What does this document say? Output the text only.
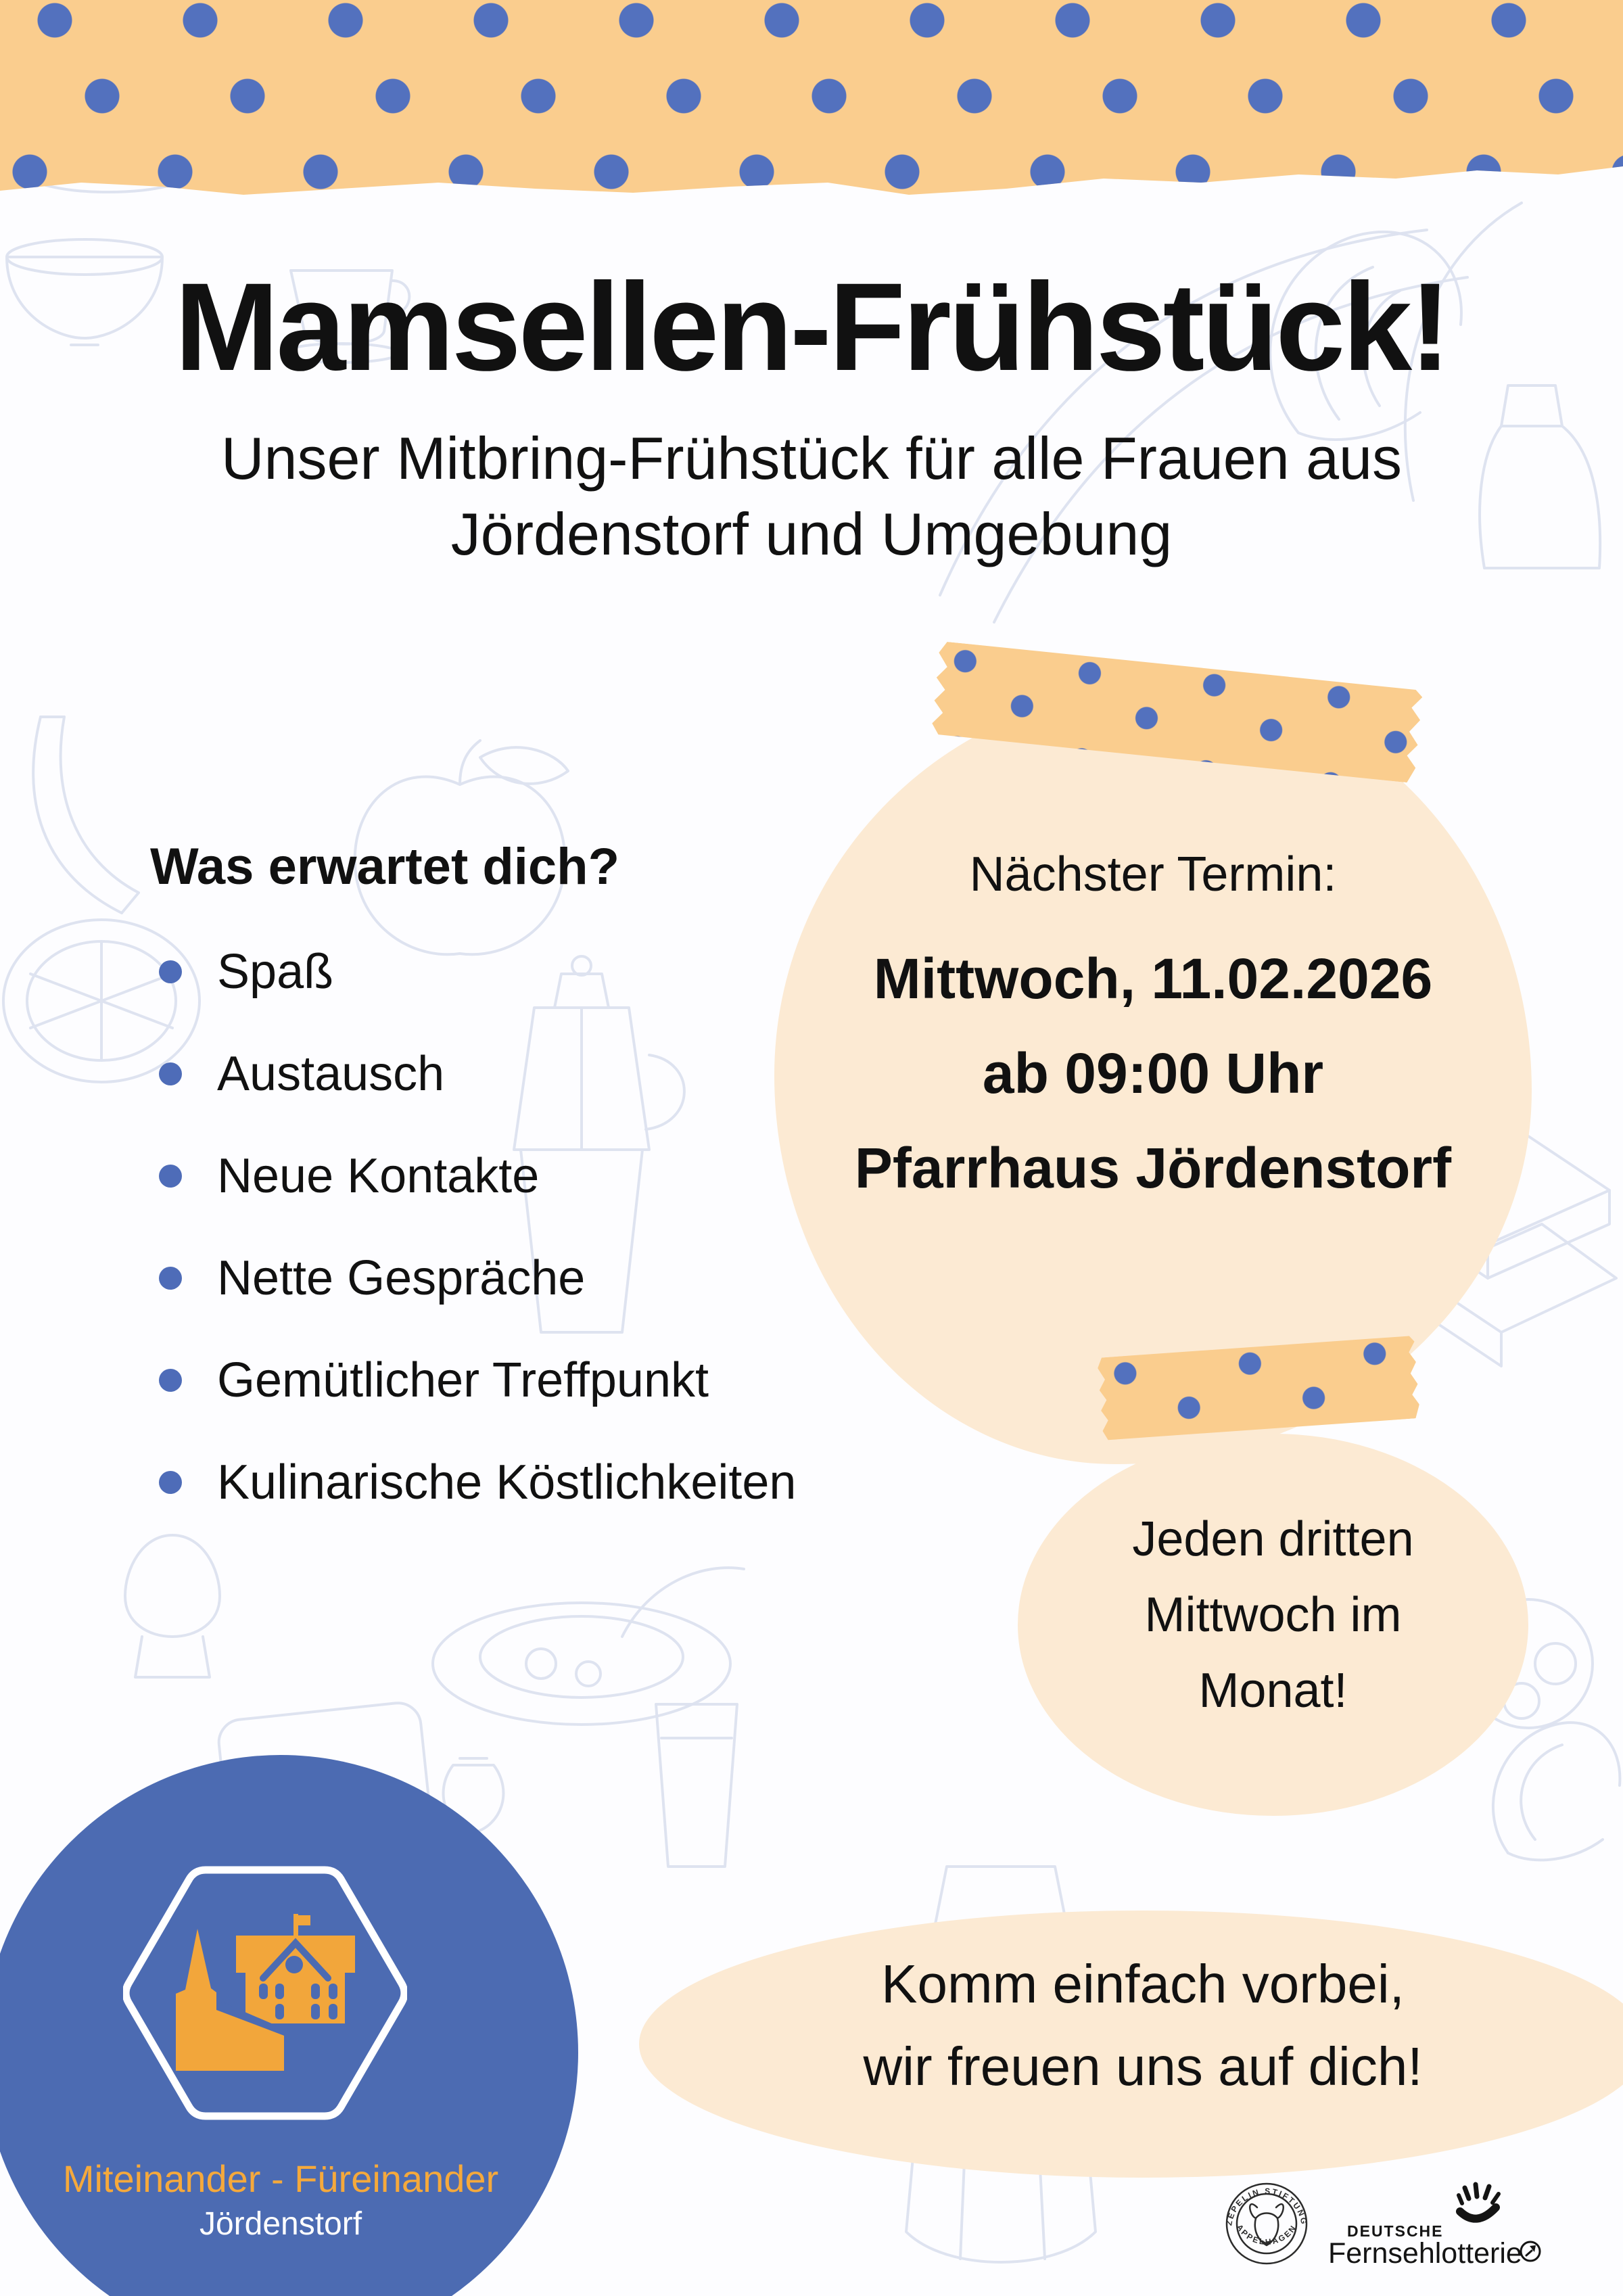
Mamsellen-Frühstück!
Unser Mitbring-Frühstück für alle Frauen aus
Jördenstorf und Umgebung
Was erwartet dich?
Spaß
Austausch
Neue Kontakte
Nette Gespräche
Gemütlicher Treffpunkt
Kulinarische Köstlichkeiten
Nächster Termin:
Mittwoch, 11.02.2026
ab 09:00 Uhr
Pfarrhaus Jördenstorf
Jeden dritten
Mittwoch im
Monat!
Komm einfach vorbei,
wir freuen uns auf dich!
Miteinander - Füreinander
Jördenstorf	ZEPELIN STIFTUNG
APPELHAGEN	DEUTSCHE
Fernsehlotterie
